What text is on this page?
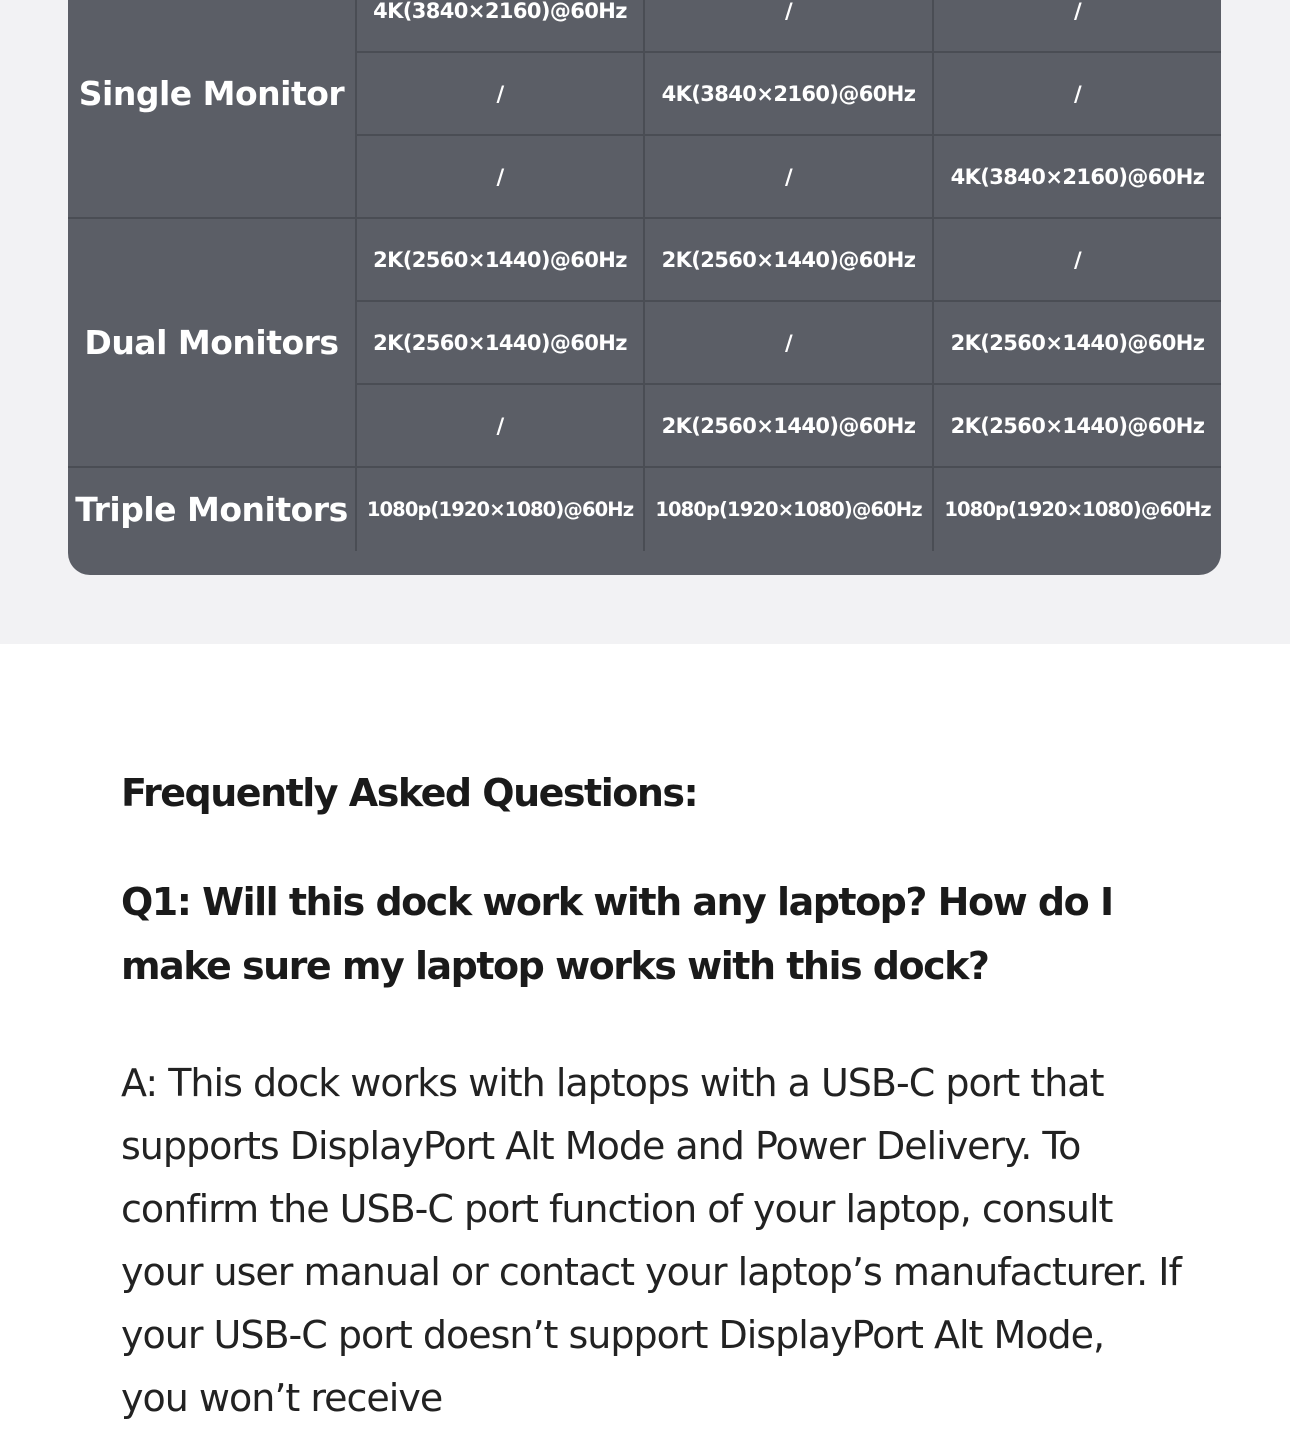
Single Monitor
4K(3840×2160)@60Hz	/	/
/	4K(3840×2160)@60Hz	/
/	/	4K(3840×2160)@60Hz
Dual Monitors
2K(2560×1440)@60Hz	2K(2560×1440)@60Hz	/
2K(2560×1440)@60Hz	/	2K(2560×1440)@60Hz
/	2K(2560×1440)@60Hz	2K(2560×1440)@60Hz
Triple Monitors 1080p(1920×1080)@60Hz	1080p(1920×1080)@60Hz	1080p(1920×1080)@60Hz
Frequently Asked Questions:

Q1: Will this dock work with any laptop? How do I make sure my laptop works with this dock?

A: This dock works with laptops with a USB-C port that supports DisplayPort Alt Mode and Power Delivery. To confirm the USB-C port function of your laptop, consult your user manual or contact your laptop’s manufacturer. If your USB-C port doesn’t support DisplayPort Alt Mode, you won’t receive
